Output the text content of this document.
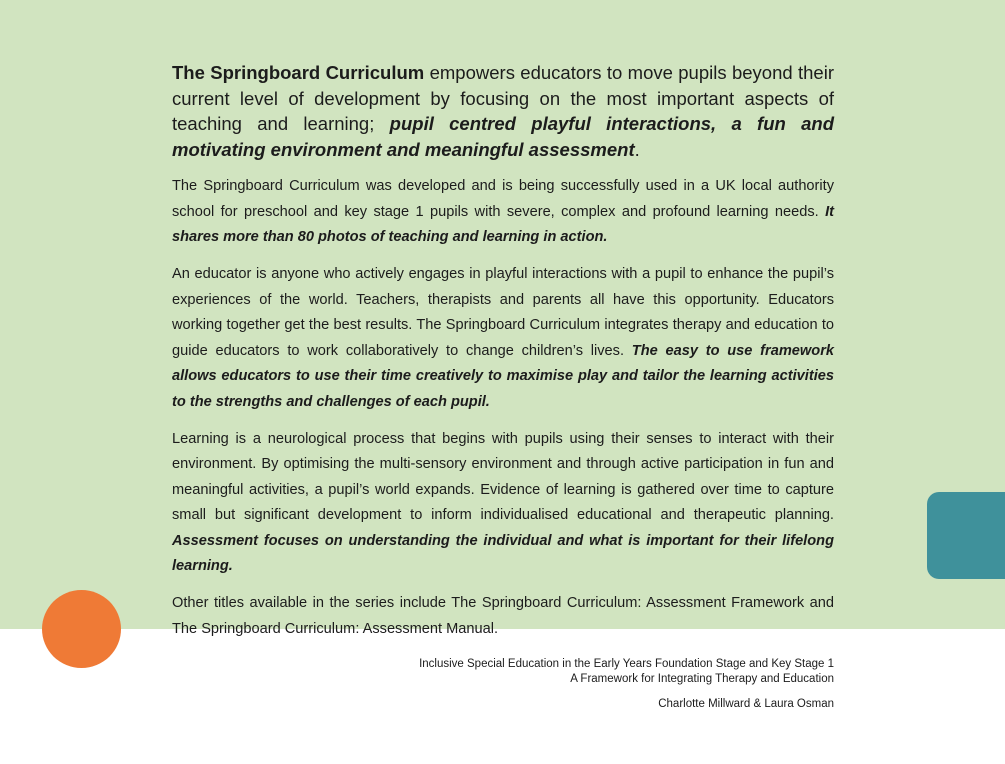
The Springboard Curriculum empowers educators to move pupils beyond their current level of development by focusing on the most important aspects of teaching and learning; pupil centred playful interactions, a fun and motivating environment and meaningful assessment.

The Springboard Curriculum was developed and is being successfully used in a UK local authority school for preschool and key stage 1 pupils with severe, complex and profound learning needs. It shares more than 80 photos of teaching and learning in action.

An educator is anyone who actively engages in playful interactions with a pupil to enhance the pupil’s experiences of the world. Teachers, therapists and parents all have this opportunity. Educators working together get the best results. The Springboard Curriculum integrates therapy and education to guide educators to work collaboratively to change children’s lives. The easy to use framework allows educators to use their time creatively to maximise play and tailor the learning activities to the strengths and challenges of each pupil.

Learning is a neurological process that begins with pupils using their senses to interact with their environment. By optimising the multi-sensory environment and through active participation in fun and meaningful activities, a pupil’s world expands. Evidence of learning is gathered over time to capture small but significant development to inform individualised educational and therapeutic planning. Assessment focuses on understanding the individual and what is important for their lifelong learning.

Other titles available in the series include The Springboard Curriculum: Assessment Framework and The Springboard Curriculum: Assessment Manual.

Inclusive Special Education in the Early Years Foundation Stage and Key Stage 1
A Framework for Integrating Therapy and Education
Charlotte Millward & Laura Osman
